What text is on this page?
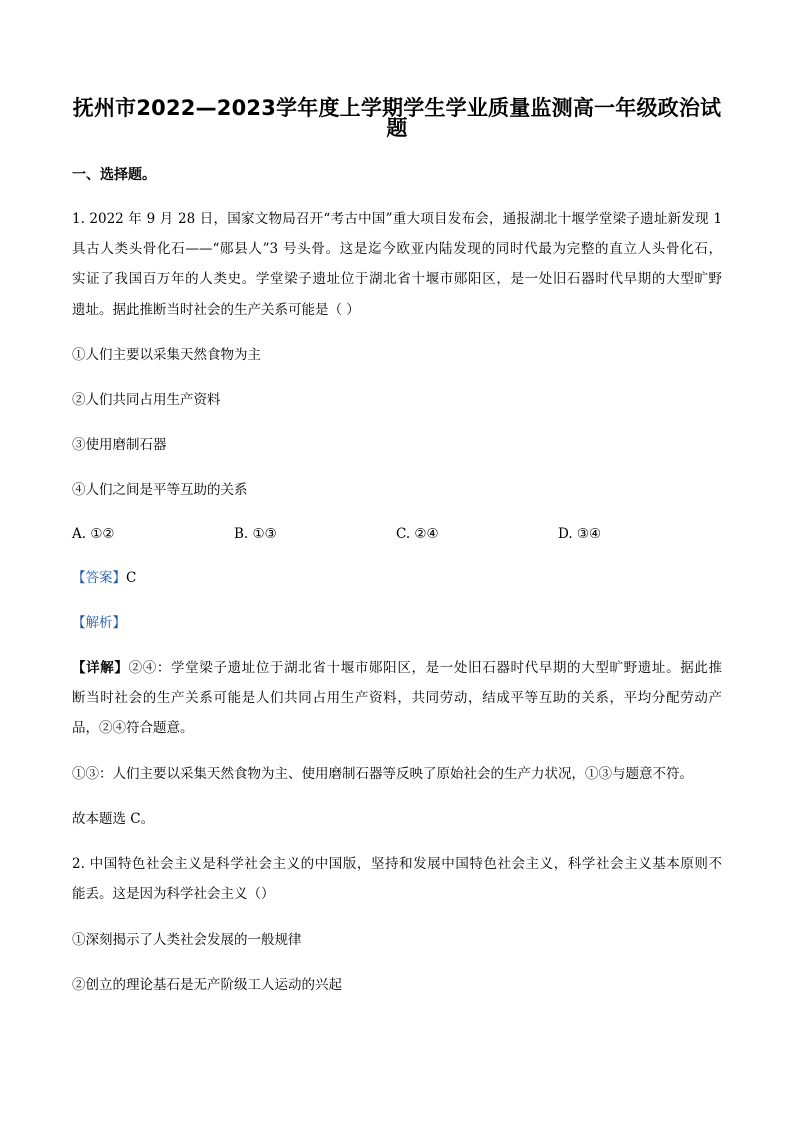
抚州市2022—2023学年度上学期学生学业质量监测高一年级政治试
题
一、选择题。
1. 2022 年 9 月 28 日，国家文物局召开“考古中国”重大项目发布会，通报湖北十堰学堂梁子遗址新发现 1
具古人类头骨化石——“郧县人”3 号头骨。这是迄今欧亚内陆发现的同时代最为完整的直立人头骨化石，
实证了我国百万年的人类史。学堂梁子遗址位于湖北省十堰市郧阳区，是一处旧石器时代早期的大型旷野
遗址。据此推断当时社会的生产关系可能是（ ）
①人们主要以采集天然食物为主
②人们共同占用生产资料
③使用磨制石器
④人们之间是平等互助的关系
A. ①②	B. ①③	C. ②④	D. ③④
【答案】C
【解析】
【详解】②④：学堂梁子遗址位于湖北省十堰市郧阳区，是一处旧石器时代早期的大型旷野遗址。据此推
断当时社会的生产关系可能是人们共同占用生产资料，共同劳动，结成平等互助的关系，平均分配劳动产
品，②④符合题意。
①③：人们主要以采集天然食物为主、使用磨制石器等反映了原始社会的生产力状况，①③与题意不符。
故本题选 C。
2. 中国特色社会主义是科学社会主义的中国版，坚持和发展中国特色社会主义，科学社会主义基本原则不
能丢。这是因为科学社会主义（）
①深刻揭示了人类社会发展的一般规律
②创立的理论基石是无产阶级工人运动的兴起
